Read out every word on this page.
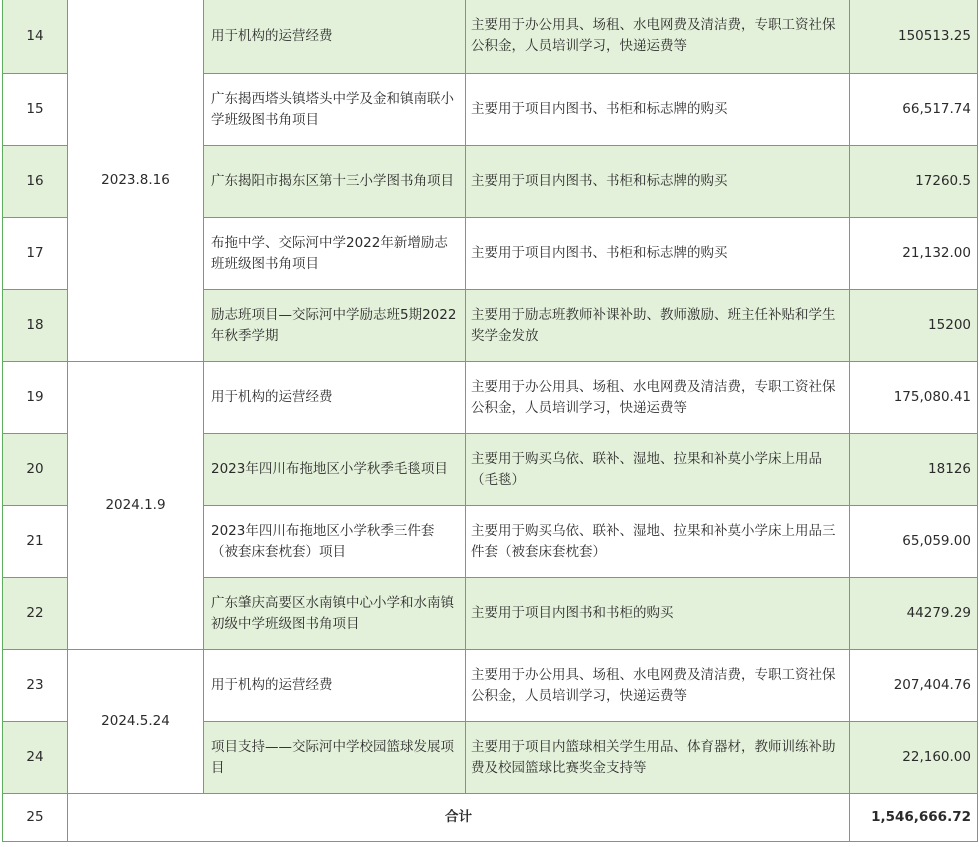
14	2023.8.16	用于机构的运营经费	主要用于办公用具、场租、水电网费及清洁费，专职工资社保公积金，人员培训学习，快递运费等	150513.25
15		广东揭西塔头镇塔头中学及金和镇南联小学班级图书角项目	主要用于项目内图书、书柜和标志牌的购买	66,517.74
16		广东揭阳市揭东区第十三小学图书角项目	主要用于项目内图书、书柜和标志牌的购买	17260.5
17		布拖中学、交际河中学2022年新增励志班班级图书角项目	主要用于项目内图书、书柜和标志牌的购买	21,132.00
18		励志班项目—交际河中学励志班5期2022年秋季学期	主要用于励志班教师补课补助、教师激励、班主任补贴和学生奖学金发放	15200
19	2024.1.9	用于机构的运营经费	主要用于办公用具、场租、水电网费及清洁费，专职工资社保公积金，人员培训学习，快递运费等	175,080.41
20		2023年四川布拖地区小学秋季毛毯项目	主要用于购买乌依、联补、湿地、拉果和补莫小学床上用品（毛毯）	18126
21		2023年四川布拖地区小学秋季三件套（被套床套枕套）项目	主要用于购买乌依、联补、湿地、拉果和补莫小学床上用品三件套（被套床套枕套）	65,059.00
22		广东肇庆高要区水南镇中心小学和水南镇初级中学班级图书角项目	主要用于项目内图书和书柜的购买	44279.29
23	2024.5.24	用于机构的运营经费	主要用于办公用具、场租、水电网费及清洁费，专职工资社保公积金，人员培训学习，快递运费等	207,404.76
24		项目支持——交际河中学校园篮球发展项目	主要用于项目内篮球相关学生用品、体育器材，教师训练补助费及校园篮球比赛奖金支持等	22,160.00
25	合计			1,546,666.72
